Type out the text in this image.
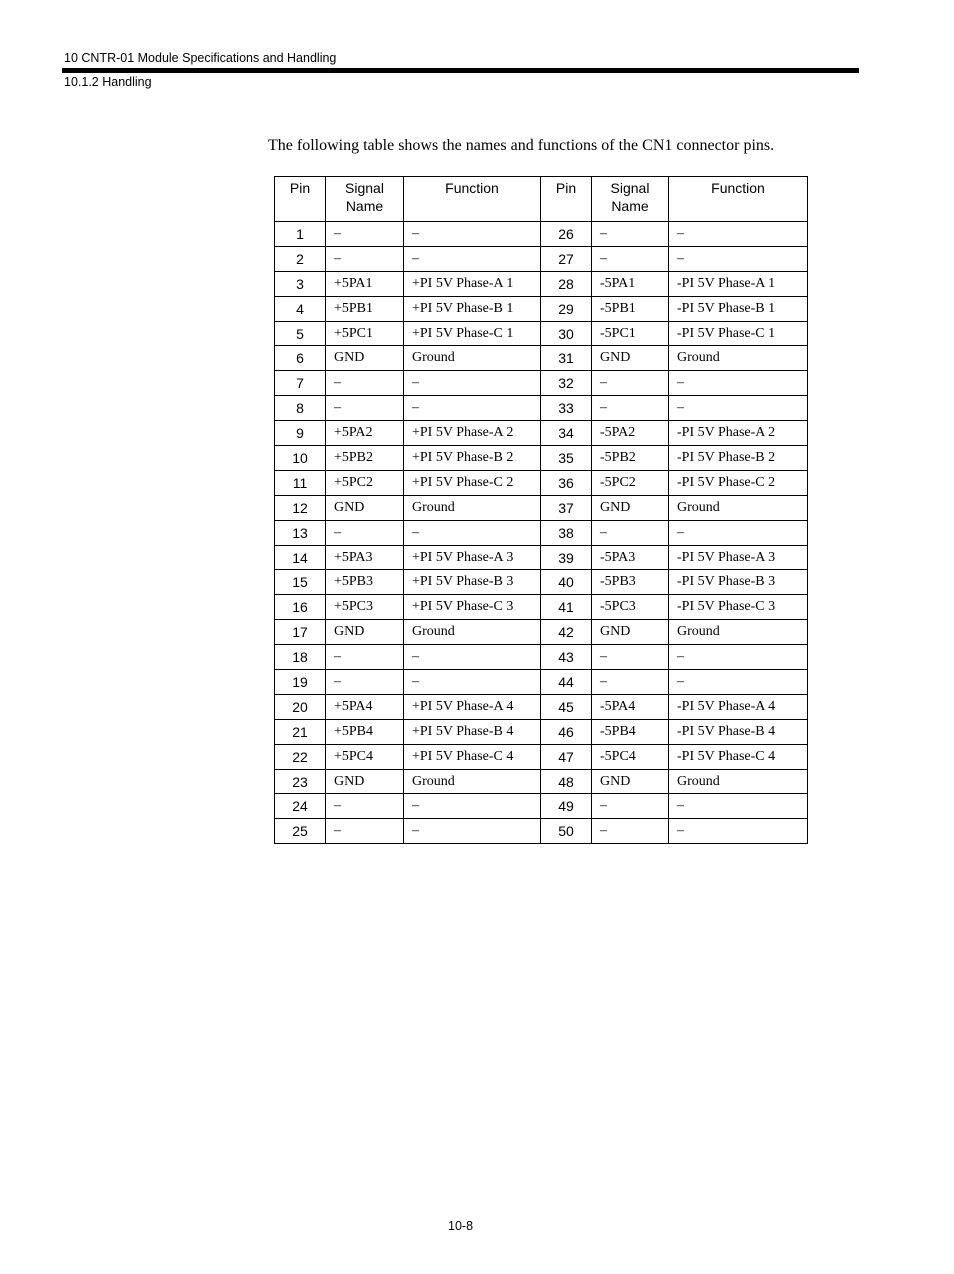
10 CNTR-01 Module Specifications and Handling
10.1.2 Handling
The following table shows the names and functions of the CN1 connector pins.
Pin	Signal Name	Function	Pin	Signal Name	Function
1	–	–	26	–	–
2	–	–	27	–	–
3	+5PA1	+PI 5V Phase-A 1	28	-5PA1	-PI 5V Phase-A 1
4	+5PB1	+PI 5V Phase-B 1	29	-5PB1	-PI 5V Phase-B 1
5	+5PC1	+PI 5V Phase-C 1	30	-5PC1	-PI 5V Phase-C 1
6	GND	Ground	31	GND	Ground
7	–	–	32	–	–
8	–	–	33	–	–
9	+5PA2	+PI 5V Phase-A 2	34	-5PA2	-PI 5V Phase-A 2
10	+5PB2	+PI 5V Phase-B 2	35	-5PB2	-PI 5V Phase-B 2
11	+5PC2	+PI 5V Phase-C 2	36	-5PC2	-PI 5V Phase-C 2
12	GND	Ground	37	GND	Ground
13	–	–	38	–	–
14	+5PA3	+PI 5V Phase-A 3	39	-5PA3	-PI 5V Phase-A 3
15	+5PB3	+PI 5V Phase-B 3	40	-5PB3	-PI 5V Phase-B 3
16	+5PC3	+PI 5V Phase-C 3	41	-5PC3	-PI 5V Phase-C 3
17	GND	Ground	42	GND	Ground
18	–	–	43	–	–
19	–	–	44	–	–
20	+5PA4	+PI 5V Phase-A 4	45	-5PA4	-PI 5V Phase-A 4
21	+5PB4	+PI 5V Phase-B 4	46	-5PB4	-PI 5V Phase-B 4
22	+5PC4	+PI 5V Phase-C 4	47	-5PC4	-PI 5V Phase-C 4
23	GND	Ground	48	GND	Ground
24	–	–	49	–	–
25	–	–	50	–	–
10-8
